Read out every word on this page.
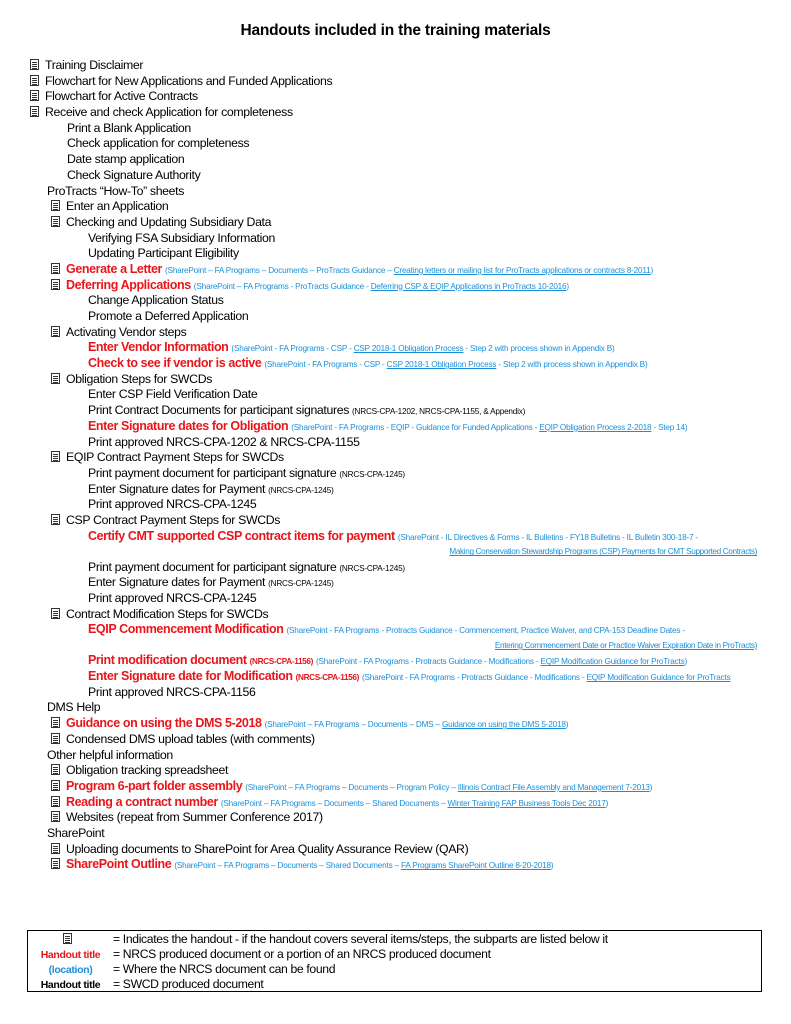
Handouts included in the training materials
Training Disclaimer
Flowchart for New Applications and Funded Applications
Flowchart for Active Contracts
Receive and check Application for completeness
Print a Blank Application
Check application for completeness
Date stamp application
Check Signature Authority
ProTracts “How-To” sheets
Enter an Application
Checking and Updating Subsidiary Data
Verifying FSA Subsidiary Information
Updating Participant Eligibility
Generate a Letter (SharePoint – FA Programs – Documents – ProTracts Guidance – Creating letters or mailing list for ProTracts applications or contracts 8-2011)
Deferring Applications (SharePoint – FA Programs - ProTracts Guidance - Deferring CSP & EQIP Applications in ProTracts 10-2016)
Change Application Status
Promote a Deferred Application
Activating Vendor steps
Enter Vendor Information (SharePoint - FA Programs - CSP - CSP 2018-1 Obligation Process - Step 2 with process shown in Appendix B)
Check to see if vendor is active (SharePoint - FA Programs - CSP - CSP 2018-1 Obligation Process - Step 2 with process shown in Appendix B)
Obligation Steps for SWCDs
Enter CSP Field Verification Date
Print Contract Documents for participant signatures (NRCS-CPA-1202, NRCS-CPA-1155, & Appendix)
Enter Signature dates for Obligation (SharePoint - FA Programs - EQIP - Guidance for Funded Applications - EQIP Obligation Process 2-2018 - Step 14)
Print approved NRCS-CPA-1202 & NRCS-CPA-1155
EQIP Contract Payment Steps for SWCDs
Print payment document for participant signature (NRCS-CPA-1245)
Enter Signature dates for Payment (NRCS-CPA-1245)
Print approved NRCS-CPA-1245
CSP Contract Payment Steps for SWCDs
Certify CMT supported CSP contract items for payment (SharePoint - IL Directives & Forms - IL Bulletins - FY18 Bulletins - IL Bulletin 300-18-7 -
Making Conservation Stewardship Programs (CSP) Payments for CMT Supported Contracts)
Print payment document for participant signature (NRCS-CPA-1245)
Enter Signature dates for Payment (NRCS-CPA-1245)
Print approved NRCS-CPA-1245
Contract Modification Steps for SWCDs
EQIP Commencement Modification (SharePoint - FA Programs - Protracts Guidance - Commencement, Practice Waiver, and CPA-153 Deadline Dates -
Entering Commencement Date or Practice Waiver Expiration Date in ProTracts)
Print modification document (NRCS-CPA-1156) (SharePoint - FA Programs - Protracts Guidance - Modifications - EQIP Modification Guidance for ProTracts)
Enter Signature date for Modification (NRCS-CPA-1156) (SharePoint - FA Programs - Protracts Guidance - Modifications - EQIP Modification Guidance for ProTracts
Print approved NRCS-CPA-1156
DMS Help
Guidance on using the DMS 5-2018 (SharePoint – FA Programs – Documents – DMS – Guidance on using the DMS 5-2018)
Condensed DMS upload tables (with comments)
Other helpful information
Obligation tracking spreadsheet
Program 6-part folder assembly (SharePoint – FA Programs – Documents – Program Policy – Illinois Contract File Assembly and Management 7-2013)
Reading a contract number (SharePoint – FA Programs – Documents – Shared Documents – Winter Training FAP Business Tools Dec 2017)
Websites (repeat from Summer Conference 2017)
SharePoint
Uploading documents to SharePoint for Area Quality Assurance Review (QAR)
SharePoint Outline (SharePoint – FA Programs – Documents – Shared Documents – FA Programs SharePoint Outline 8-20-2018)
= Indicates the handout - if the handout covers several items/steps, the subparts are listed below it
Handout title = NRCS produced document or a portion of an NRCS produced document
(location) = Where the NRCS document can be found
Handout title = SWCD produced document
